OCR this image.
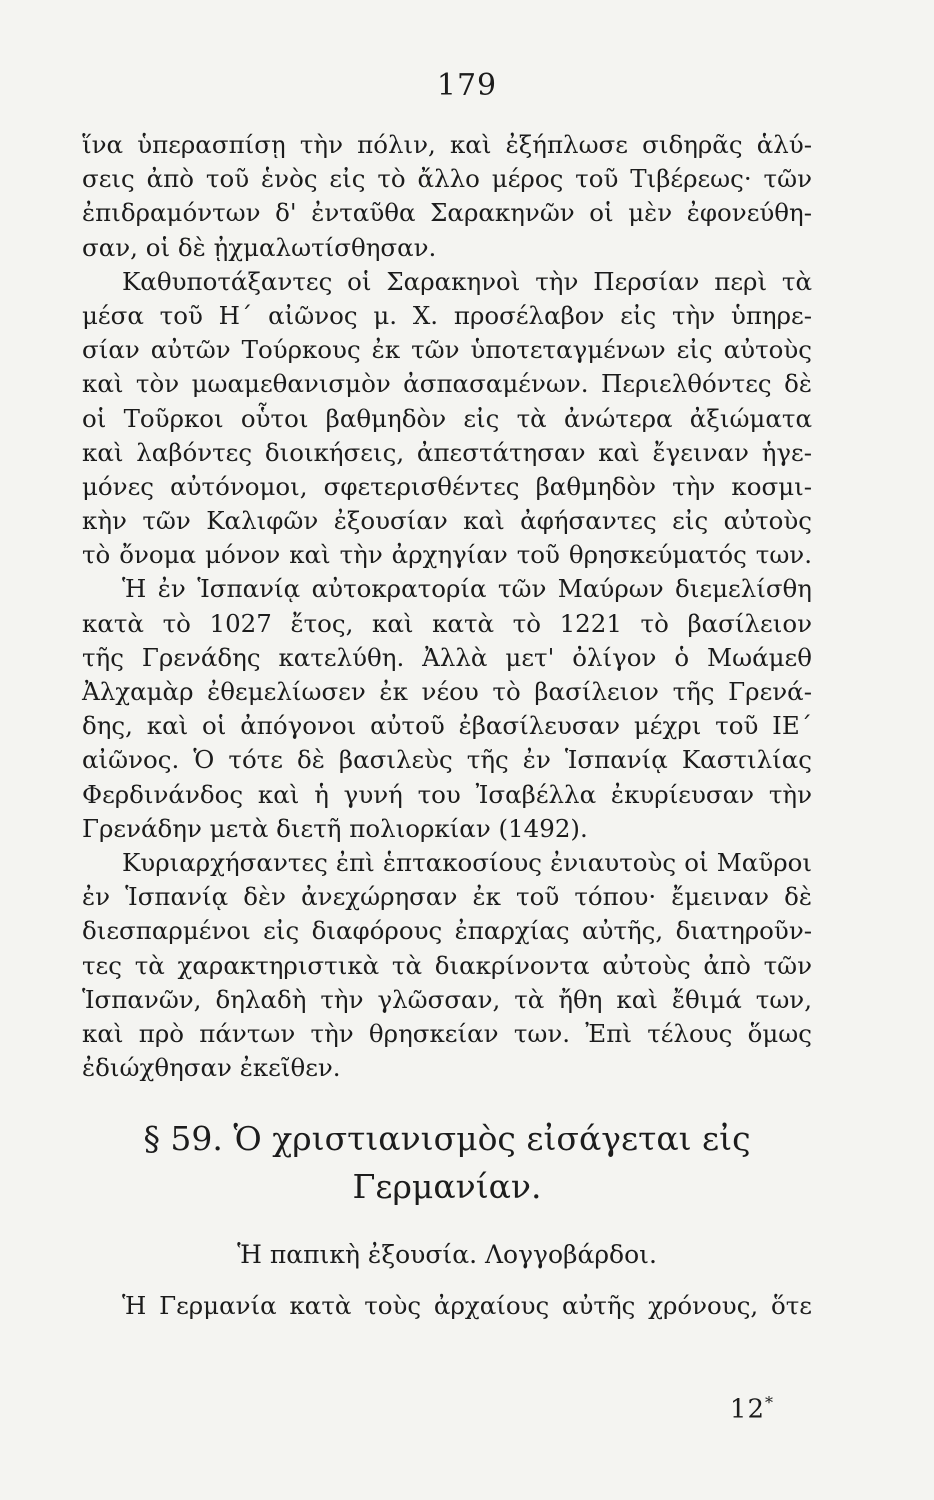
179
ἵνα ὑπερασπίσῃ τὴν πόλιν, καὶ ἐξήπλωσε σιδηρᾶς ἁλύ-
σεις ἀπὸ τοῦ ἑνὸς εἰς τὸ ἄλλο μέρος τοῦ Τιβέρεως· τῶν
ἐπιδραμόντων δ' ἐνταῦθα Σαρακηνῶν οἱ μὲν ἐφονεύθη-
σαν, οἱ δὲ ᾐχμαλωτίσθησαν.
Καθυποτάξαντες οἱ Σαρακηνοὶ τὴν Περσίαν περὶ τὰ
μέσα τοῦ Η΄ αἰῶνος μ. Χ. προσέλαβον εἰς τὴν ὑπηρε-
σίαν αὐτῶν Τούρκους ἐκ τῶν ὑποτεταγμένων εἰς αὐτοὺς
καὶ τὸν μωαμεθανισμὸν ἀσπασαμένων. Περιελθόντες δὲ
οἱ Τοῦρκοι οὗτοι βαθμηδὸν εἰς τὰ ἀνώτερα ἀξιώματα
καὶ λαβόντες διοικήσεις, ἀπεστάτησαν καὶ ἔγειναν ἡγε-
μόνες αὐτόνομοι, σφετερισθέντες βαθμηδὸν τὴν κοσμι-
κὴν τῶν Καλιφῶν ἐξουσίαν καὶ ἀφήσαντες εἰς αὐτοὺς
τὸ ὄνομα μόνον καὶ τὴν ἀρχηγίαν τοῦ θρησκεύματός των.
Ἡ ἐν Ἱσπανίᾳ αὐτοκρατορία τῶν Μαύρων διεμελίσθη
κατὰ τὸ 1027 ἔτος, καὶ κατὰ τὸ 1221 τὸ βασίλειον
τῆς Γρενάδης κατελύθη. Ἀλλὰ μετ' ὀλίγον ὁ Μωάμεθ
Ἀλχαμὰρ ἐθεμελίωσεν ἐκ νέου τὸ βασίλειον τῆς Γρενά-
δης, καὶ οἱ ἀπόγονοι αὐτοῦ ἐβασίλευσαν μέχρι τοῦ ΙΕ΄
αἰῶνος. Ὁ τότε δὲ βασιλεὺς τῆς ἐν Ἱσπανίᾳ Καστιλίας
Φερδινάνδος καὶ ἡ γυνή του Ἰσαβέλλα ἐκυρίευσαν τὴν
Γρενάδην μετὰ διετῆ πολιορκίαν (1492).
Κυριαρχήσαντες ἐπὶ ἑπτακοσίους ἐνιαυτοὺς οἱ Μαῦροι
ἐν Ἱσπανίᾳ δὲν ἀνεχώρησαν ἐκ τοῦ τόπου· ἔμειναν δὲ
διεσπαρμένοι εἰς διαφόρους ἐπαρχίας αὐτῆς, διατηροῦν-
τες τὰ χαρακτηριστικὰ τὰ διακρίνοντα αὐτοὺς ἀπὸ τῶν
Ἱσπανῶν, δηλαδὴ τὴν γλῶσσαν, τὰ ἤθη καὶ ἔθιμά των,
καὶ πρὸ πάντων τὴν θρησκείαν των. Ἐπὶ τέλους ὅμως
ἐδιώχθησαν ἐκεῖθεν.
§ 59. Ὁ χριστιανισμὸς εἰσάγεται εἰς
Γερμανίαν.
Ἡ παπικὴ ἐξουσία. Λογγοβάρδοι.
Ἡ Γερμανία κατὰ τοὺς ἀρχαίους αὐτῆς χρόνους, ὅτε
12*
